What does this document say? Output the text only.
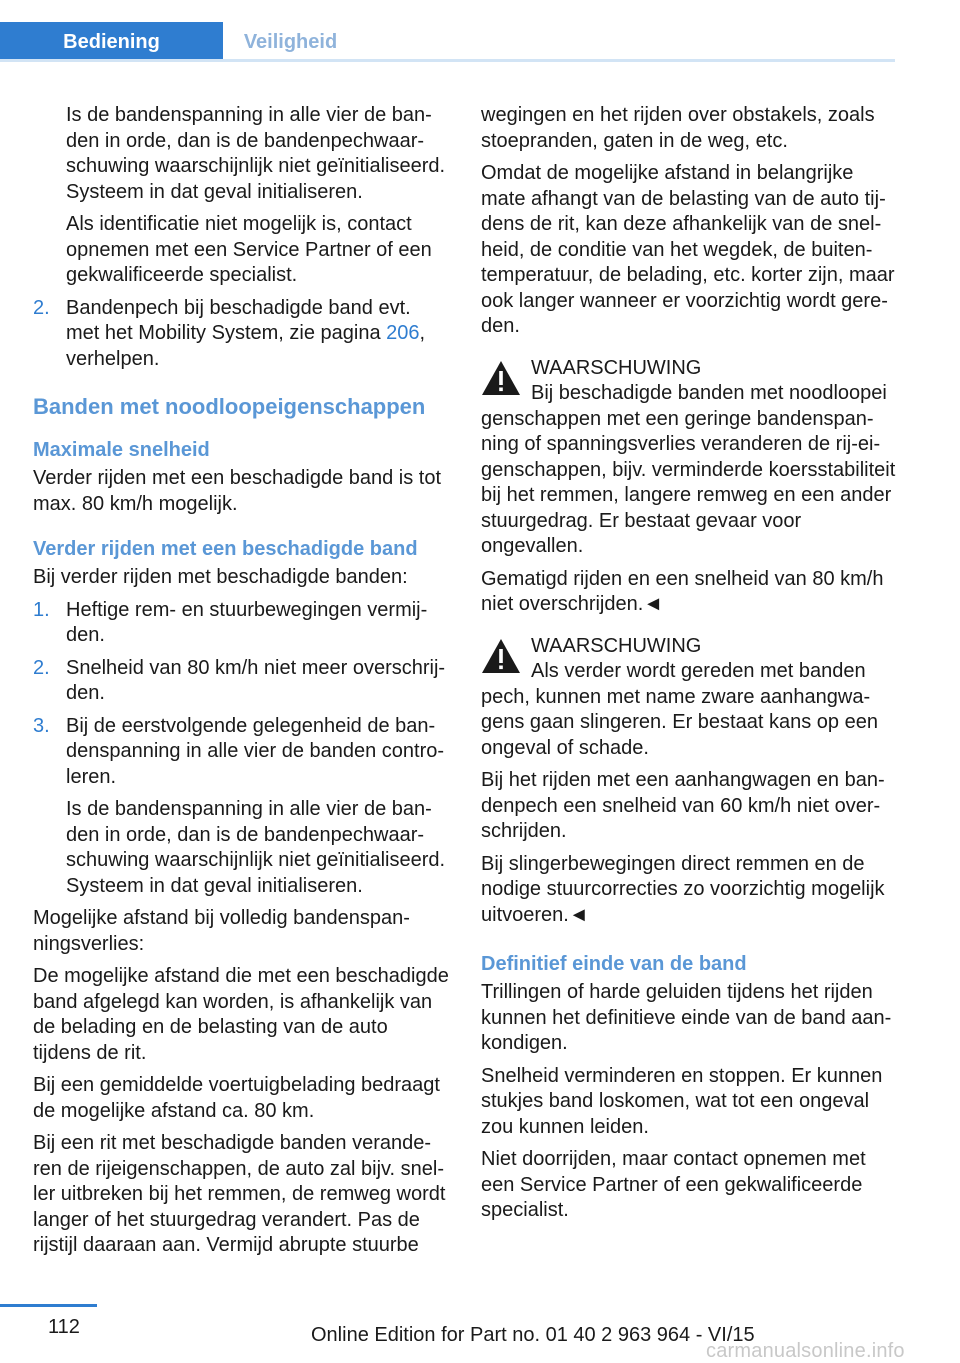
Bediening	Veiligheid

Is de bandenspanning in alle vier de banden in orde, dan is de bandenpechwaarschuwing waarschijnlijk niet geïnitialiseerd. Systeem in dat geval initialiseren.

Als identificatie niet mogelijk is, contact opnemen met een Service Partner of een gekwalificeerde specialist.

2. Bandenpech bij beschadigde band evt. met het Mobility System, zie pagina 206, verhelpen.
Banden met noodloopeigenschappen
Maximale snelheid

Verder rijden met een beschadigde band is tot max. 80 km/h mogelijk.

Verder rijden met een beschadigde band

Bij verder rijden met beschadigde banden:

1. Heftige rem- en stuurbewegingen vermijden.
2. Snelheid van 80 km/h niet meer overschrijden.
3. Bij de eerstvolgende gelegenheid de bandenspanning in alle vier de banden controleren.

Is de bandenspanning in alle vier de banden in orde, dan is de bandenpechwaarschuwing waarschijnlijk niet geïnitialiseerd. Systeem in dat geval initialiseren.

Mogelijke afstand bij volledig bandenspanningsverlies:

De mogelijke afstand die met een beschadigde band afgelegd kan worden, is afhankelijk van de belading en de belasting van de auto tijdens de rit.

Bij een gemiddelde voertuigbelading bedraagt de mogelijke afstand ca. 80 km.

Bij een rit met beschadigde banden veranderen de rijeigenschappen, de auto zal bijv. sneller uitbreken bij het remmen, de remweg wordt langer of het stuurgedrag verandert. Pas de rijstijl daaraan aan. Vermijd abrupte stuurbe

wegingen en het rijden over obstakels, zoals stoepranden, gaten in de weg, etc.

Omdat de mogelijke afstand in belangrijke mate afhangt van de belasting van de auto tijdens de rit, kan deze afhankelijk van de snelheid, de conditie van het wegdek, de buitentemperatuur, de belading, etc. korter zijn, maar ook langer wanneer er voorzichtig wordt gereden.

WAARSCHUWING
Bij beschadigde banden met noodloopei

genschappen met een geringe bandenspanning of spanningsverlies veranderen de rij-eigenschappen, bijv. verminderde koersstabiliteit bij het remmen, langere remweg en een ander stuurgedrag. Er bestaat gevaar voor ongevallen.

Gematigd rijden en een snelheid van 80 km/h niet overschrijden.◄

WAARSCHUWING
Als verder wordt gereden met banden

pech, kunnen met name zware aanhangwagens gaan slingeren. Er bestaat kans op een ongeval of schade.

Bij het rijden met een aanhangwagen en bandenpech een snelheid van 60 km/h niet overschrijden.

Bij slingerbewegingen direct remmen en de nodige stuurcorrecties zo voorzichtig mogelijk uitvoeren.◄

Definitief einde van de band

Trillingen of harde geluiden tijdens het rijden kunnen het definitieve einde van de band aankondigen.

Snelheid verminderen en stoppen. Er kunnen stukjes band loskomen, wat tot een ongeval zou kunnen leiden.

Niet doorrijden, maar contact opnemen met een Service Partner of een gekwalificeerde specialist.

112	Online Edition for Part no. 01 40 2 963 964 - VI/15
carmanualsonline.info
